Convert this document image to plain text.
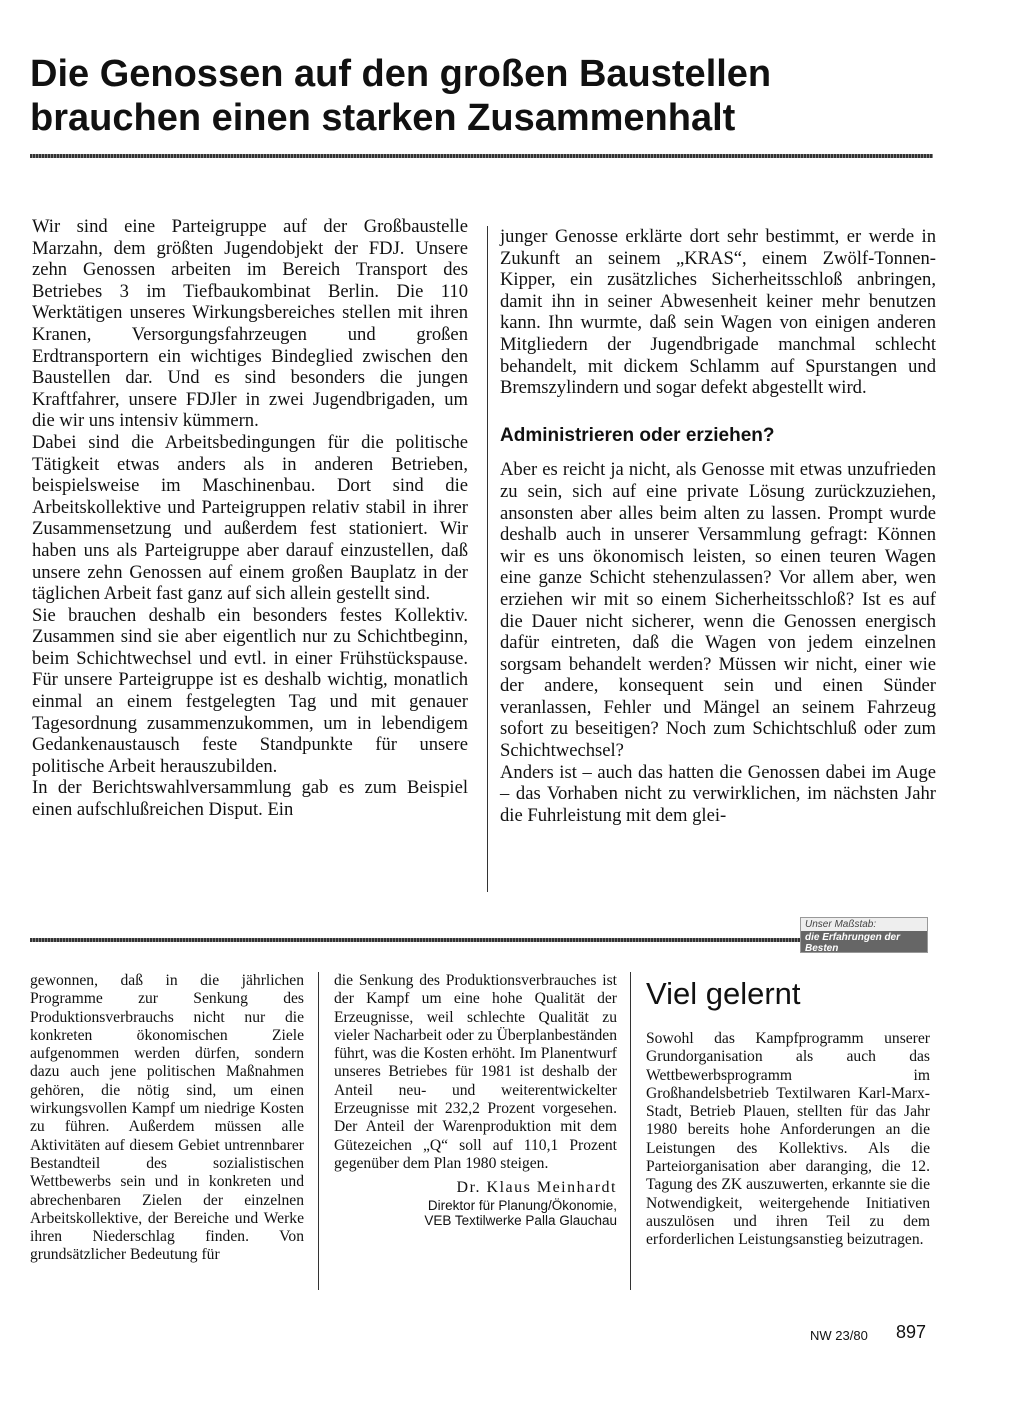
Die Genossen auf den großen Baustellen
brauchen einen starken Zusammenhalt

Wir sind eine Parteigruppe auf der Großbaustelle Marzahn, dem größten Jugendobjekt der FDJ. Unsere zehn Genossen arbeiten im Bereich Transport des Betriebes 3 im Tiefbaukombinat Berlin. Die 110 Werktätigen unseres Wirkungsbereiches stellen mit ihren Kranen, Versorgungsfahrzeugen und großen Erdtransportern ein wichtiges Bindeglied zwischen den Baustellen dar. Und es sind besonders die jungen Kraftfahrer, unsere FDJler in zwei Jugendbrigaden, um die wir uns intensiv kümmern.

Dabei sind die Arbeitsbedingungen für die politische Tätigkeit etwas anders als in anderen Betrieben, beispielsweise im Maschinenbau. Dort sind die Arbeitskollektive und Parteigruppen relativ stabil in ihrer Zusammensetzung und außerdem fest stationiert. Wir haben uns als Parteigruppe aber darauf einzustellen, daß unsere zehn Genossen auf einem großen Bauplatz in der täglichen Arbeit fast ganz auf sich allein gestellt sind.

Sie brauchen deshalb ein besonders festes Kollektiv. Zusammen sind sie aber eigentlich nur zu Schichtbeginn, beim Schichtwechsel und evtl. in einer Frühstückspause. Für unsere Parteigruppe ist es deshalb wichtig, monatlich einmal an einem festgelegten Tag und mit genauer Tagesordnung zusammenzukommen, um in lebendigem Gedankenaustausch feste Standpunkte für unsere politische Arbeit herauszubilden.

In der Berichtswahlversammlung gab es zum Beispiel einen aufschlußreichen Disput. Ein

junger Genosse erklärte dort sehr bestimmt, er werde in Zukunft an seinem „KRAS“, einem Zwölf-Tonnen-Kipper, ein zusätzliches Sicherheitsschloß anbringen, damit ihn in seiner Abwesenheit keiner mehr benutzen kann. Ihn wurmte, daß sein Wagen von einigen anderen Mitgliedern der Jugendbrigade manchmal schlecht behandelt, mit dickem Schlamm auf Spurstangen und Bremszylindern und sogar defekt abgestellt wird.

Administrieren oder erziehen?

Aber es reicht ja nicht, als Genosse mit etwas unzufrieden zu sein, sich auf eine private Lösung zurückzuziehen, ansonsten aber alles beim alten zu lassen. Prompt wurde deshalb auch in unserer Versammlung gefragt: Können wir es uns ökonomisch leisten, so einen teuren Wagen eine ganze Schicht stehenzulassen? Vor allem aber, wen erziehen wir mit so einem Sicherheitsschloß? Ist es auf die Dauer nicht sicherer, wenn die Genossen energisch dafür eintreten, daß die Wagen von jedem einzelnen sorgsam behandelt werden? Müssen wir nicht, einer wie der andere, konsequent sein und einen Sünder veranlassen, Fehler und Mängel an seinem Fahrzeug sofort zu beseitigen? Noch zum Schichtschluß oder zum Schichtwechsel?

Anders ist – auch das hatten die Genossen dabei im Auge – das Vorhaben nicht zu verwirklichen, im nächsten Jahr die Fuhrleistung mit dem glei-

Unser Maßstab:
die Erfahrungen der Besten

gewonnen, daß in die jährlichen Programme zur Senkung des Produktionsverbrauchs nicht nur die konkreten ökonomischen Ziele aufgenommen werden dürfen, sondern dazu auch jene politischen Maßnahmen gehören, die nötig sind, um einen wirkungsvollen Kampf um niedrige Kosten zu führen. Außerdem müssen alle Aktivitäten auf diesem Gebiet untrennbarer Bestandteil des sozialistischen Wettbewerbs sein und in konkreten und abrechenbaren Zielen der einzelnen Arbeitskollektive, der Bereiche und Werke ihren Niederschlag finden. Von grundsätzlicher Bedeutung für

die Senkung des Produktionsverbrauches ist der Kampf um eine hohe Qualität der Erzeugnisse, weil schlechte Qualität zu vieler Nacharbeit oder zu Überplanbeständen führt, was die Kosten erhöht. Im Planentwurf unseres Betriebes für 1981 ist deshalb der Anteil neu- und weiterentwickelter Erzeugnisse mit 232,2 Prozent vorgesehen. Der Anteil der Warenproduktion mit dem Gütezeichen „Q“ soll auf 110,1 Prozent gegenüber dem Plan 1980 steigen.

Dr. Klaus Meinhardt

Direktor für Planung/Ökonomie,

VEB Textilwerke Palla Glauchau

Viel gelernt

Sowohl das Kampfprogramm unserer Grundorganisation als auch das Wettbewerbsprogramm im Großhandelsbetrieb Textilwaren Karl-Marx-Stadt, Betrieb Plauen, stellten für das Jahr 1980 bereits hohe Anforderungen an die Leistungen des Kollektivs. Als die Parteiorganisation aber daranging, die 12. Tagung des ZK auszuwerten, erkannte sie die Notwendigkeit, weitergehende Initiativen auszulösen und ihren Teil zu dem erforderlichen Leistungsanstieg beizutragen.

NW 23/80 897
